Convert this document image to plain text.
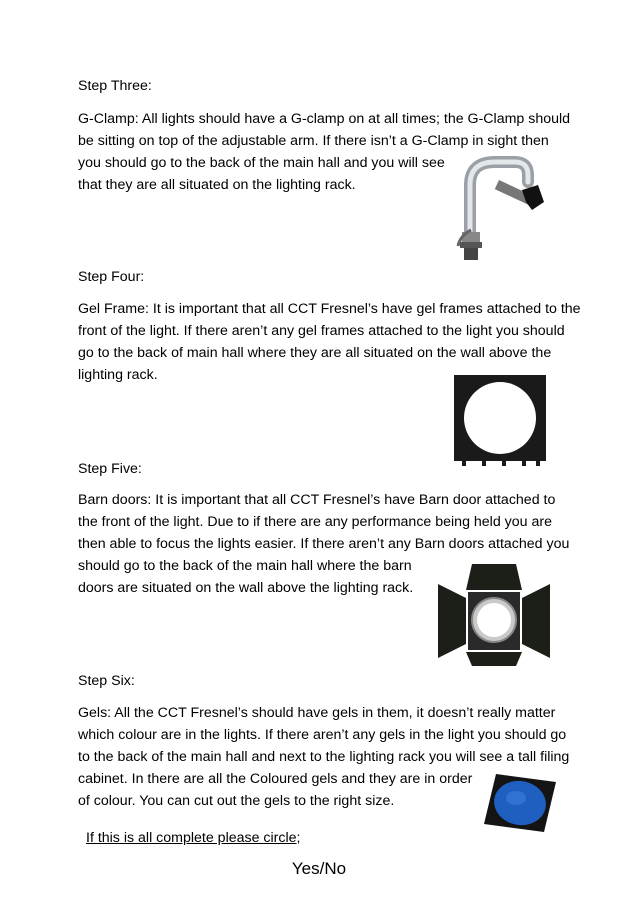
Step Three:

G-Clamp: All lights should have a G-clamp on at all times; the G-Clamp should
be sitting on top of the adjustable arm. If there isn’t a G-Clamp in sight then
you should go to the back of the main hall and you will see
that they are all situated on the lighting rack.

Step Four:

Gel Frame: It is important that all CCT Fresnel’s have gel frames attached to the
front of the light. If there aren’t any gel frames attached to the light you should
go to the back of main hall where they are all situated on the wall above the
lighting rack.

Step Five:

Barn doors: It is important that all CCT Fresnel’s have Barn door attached to
the front of the light. Due to if there are any performance being held you are
then able to focus the lights easier. If there aren’t any Barn doors attached you
should go to the back of the main hall where the barn
doors are situated on the wall above the lighting rack.

Step Six:

Gels: All the CCT Fresnel’s should have gels in them, it doesn’t really matter
which colour are in the lights. If there aren’t any gels in the light you should go
to the back of the main hall and next to the lighting rack you will see a tall filing
cabinet. In there are all the Coloured gels and they are in order
of colour. You can cut out the gels to the right size.
If this is all complete please circle;
Yes/No
